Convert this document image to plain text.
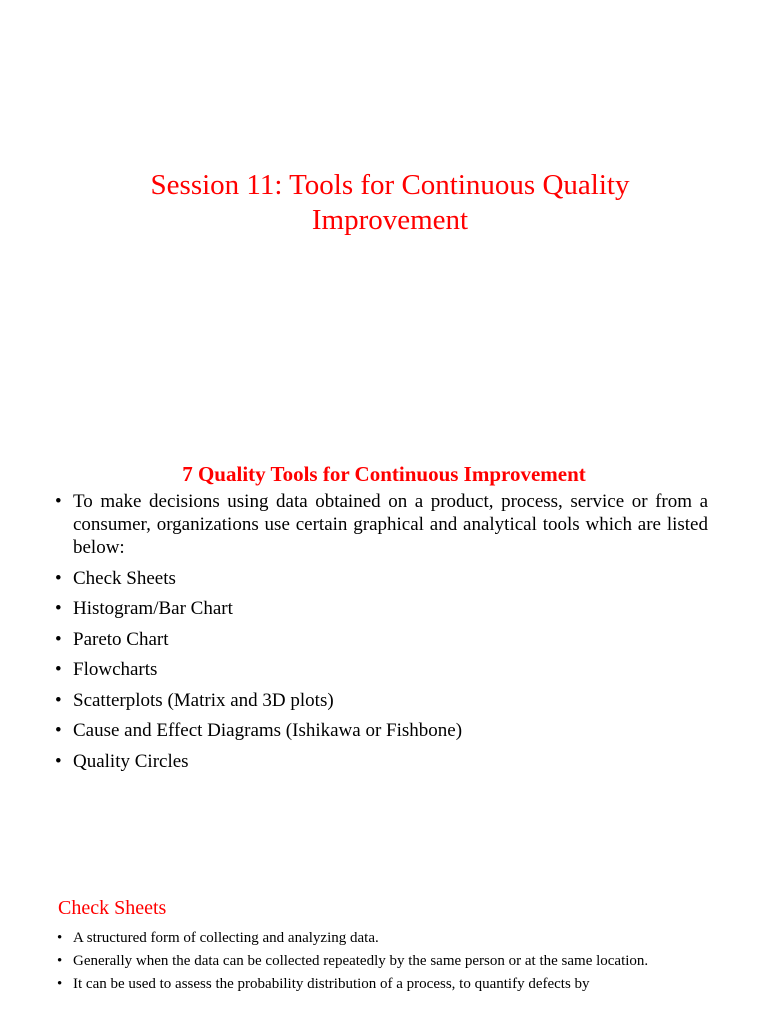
Session 11: Tools for Continuous Quality
Improvement
7 Quality Tools for Continuous Improvement
• To make decisions using data obtained on a product, process, service or from a consumer, organizations use certain graphical and analytical tools which are listed below:
• Check Sheets
• Histogram/Bar Chart
• Pareto Chart
• Flowcharts
• Scatterplots (Matrix and 3D plots)
• Cause and Effect Diagrams (Ishikawa or Fishbone)
• Quality Circles
Check Sheets
• A structured form of collecting and analyzing data.
• Generally when the data can be collected repeatedly by the same person or at the same location.
• It can be used to assess the probability distribution of a process, to quantify defects by
